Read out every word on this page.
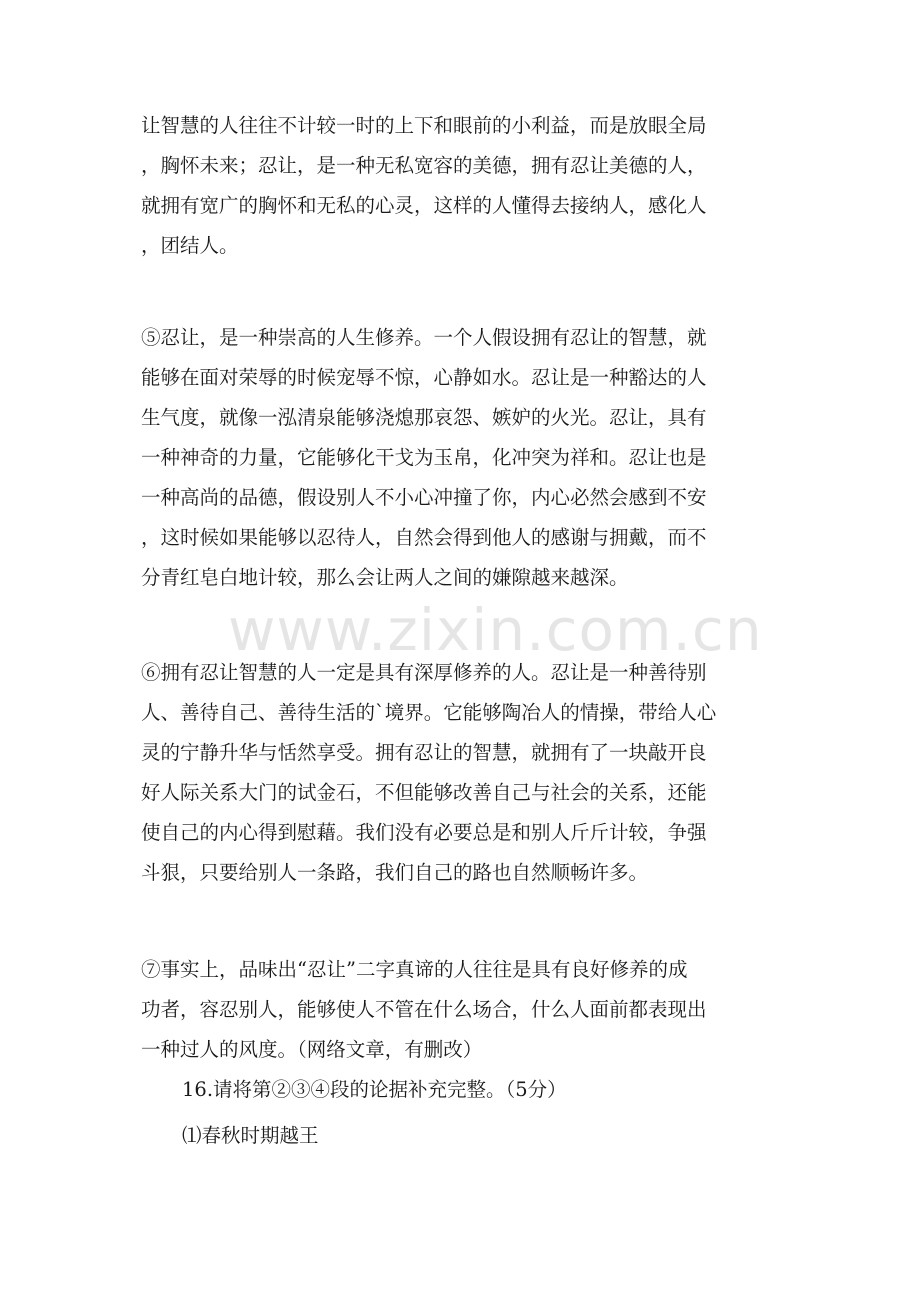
让智慧的人往往不计较一时的上下和眼前的小利益，而是放眼全局
，胸怀未来；忍让，是一种无私宽容的美德，拥有忍让美德的人，
就拥有宽广的胸怀和无私的心灵，这样的人懂得去接纳人，感化人
，团结人。
⑤忍让，是一种崇高的人生修养。一个人假设拥有忍让的智慧，就
能够在面对荣辱的时候宠辱不惊，心静如水。忍让是一种豁达的人
生气度，就像一泓清泉能够浇熄那哀怨、嫉妒的火光。忍让，具有
一种神奇的力量，它能够化干戈为玉帛，化冲突为祥和。忍让也是
一种高尚的品德，假设别人不小心冲撞了你，内心必然会感到不安
，这时候如果能够以忍待人，自然会得到他人的感谢与拥戴，而不
分青红皂白地计较，那么会让两人之间的嫌隙越来越深。
www.zixin.com.cn
⑥拥有忍让智慧的人一定是具有深厚修养的人。忍让是一种善待别
人、善待自己、善待生活的`境界。它能够陶冶人的情操，带给人心
灵的宁静升华与恬然享受。拥有忍让的智慧，就拥有了一块敲开良
好人际关系大门的试金石，不但能够改善自己与社会的关系，还能
使自己的内心得到慰藉。我们没有必要总是和别人斤斤计较，争强
斗狠，只要给别人一条路，我们自己的路也自然顺畅许多。
⑦事实上，品味出“忍让”二字真谛的人往往是具有良好修养的成
功者，容忍别人，能够使人不管在什么场合，什么人面前都表现出
一种过人的风度。（网络文章，有删改）
16.请将第②③④段的论据补充完整。（5分）
⑴春秋时期越王
